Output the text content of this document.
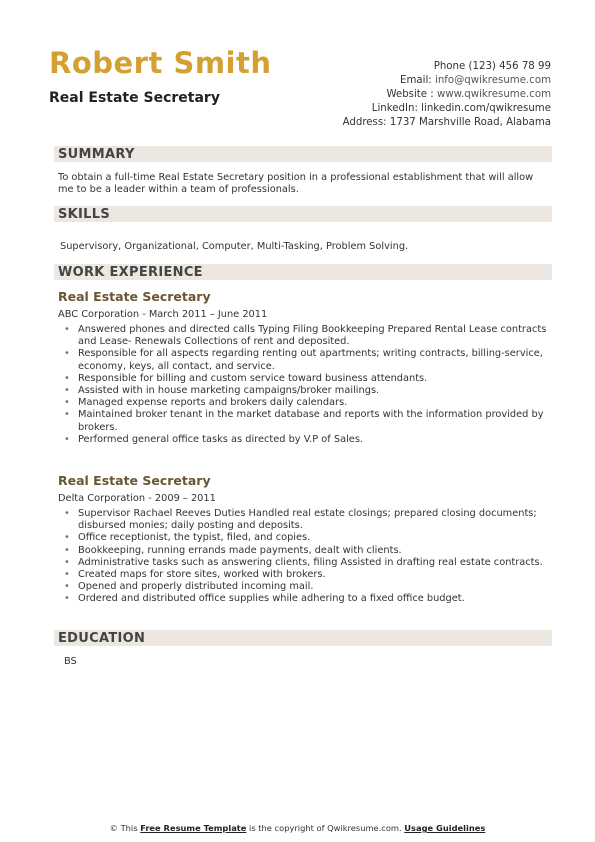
Robert Smith
Real Estate Secretary
Phone (123) 456 78 99
Email: info@qwikresume.com
Website : www.qwikresume.com
LinkedIn: linkedin.com/qwikresume
Address: 1737 Marshville Road, Alabama
SUMMARY
To obtain a full-time Real Estate Secretary position in a professional establishment that will allow me to be a leader within a team of professionals.
SKILLS
Supervisory, Organizational, Computer, Multi-Tasking, Problem Solving.
WORK EXPERIENCE
Real Estate Secretary
ABC Corporation - March 2011 – June 2011
• Answered phones and directed calls Typing Filing Bookkeeping Prepared Rental Lease contracts and Lease- Renewals Collections of rent and deposited.
• Responsible for all aspects regarding renting out apartments; writing contracts, billing-service, economy, keys, all contact, and service.
• Responsible for billing and custom service toward business attendants.
• Assisted with in house marketing campaigns/broker mailings.
• Managed expense reports and brokers daily calendars.
• Maintained broker tenant in the market database and reports with the information provided by brokers.
• Performed general office tasks as directed by V.P of Sales.
Real Estate Secretary
Delta Corporation - 2009 – 2011
• Supervisor Rachael Reeves Duties Handled real estate closings; prepared closing documents; disbursed monies; daily posting and deposits.
• Office receptionist, the typist, filed, and copies.
• Bookkeeping, running errands made payments, dealt with clients.
• Administrative tasks such as answering clients, filing Assisted in drafting real estate contracts.
• Created maps for store sites, worked with brokers.
• Opened and properly distributed incoming mail.
• Ordered and distributed office supplies while adhering to a fixed office budget.
EDUCATION
BS
© This Free Resume Template is the copyright of Qwikresume.com. Usage Guidelines
